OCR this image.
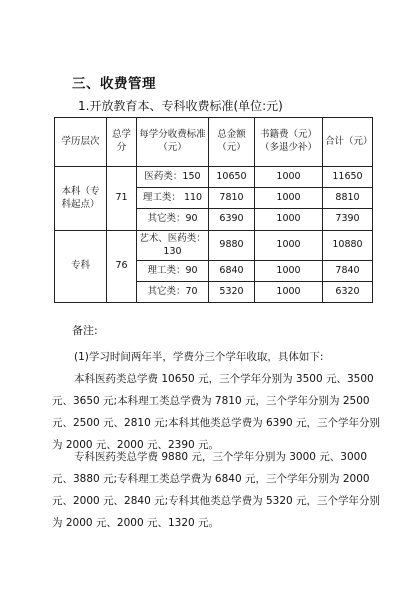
三、收费管理
1.开放教育本、专科收费标准(单位:元)
学历层次	总学分	每学分收费标准（元）	总金额（元）	书籍费（元）（多退少补）	合计（元）
本科（专科起点）	71	医药类：150	10650	1000	11650
		理工类： 110	7810	1000	8810
		其它类：90	6390	1000	7390
专科	76	艺术、医药类：130	9880	1000	10880
		理工类：90	6840	1000	7840
		其它类：70	5320	1000	6320
备注:
(1)学习时间两年半，学费分三个学年收取，具体如下:
本科医药类总学费 10650 元，三个学年分别为 3500 元、3500 元、3650 元;本科理工类总学费为 7810 元，三个学年分别为 2500 元、2500 元、2810 元;本科其他类总学费为 6390 元，三个学年分别为 2000 元、2000 元、2390 元。
专科医药类总学费 9880 元，三个学年分别为 3000 元、3000 元、3880 元;专科理工类总学费为 6840 元，三个学年分别为 2000 元、2000 元、2840 元;专科其他类总学费为 5320 元，三个学年分别为 2000 元、2000 元、1320 元。
